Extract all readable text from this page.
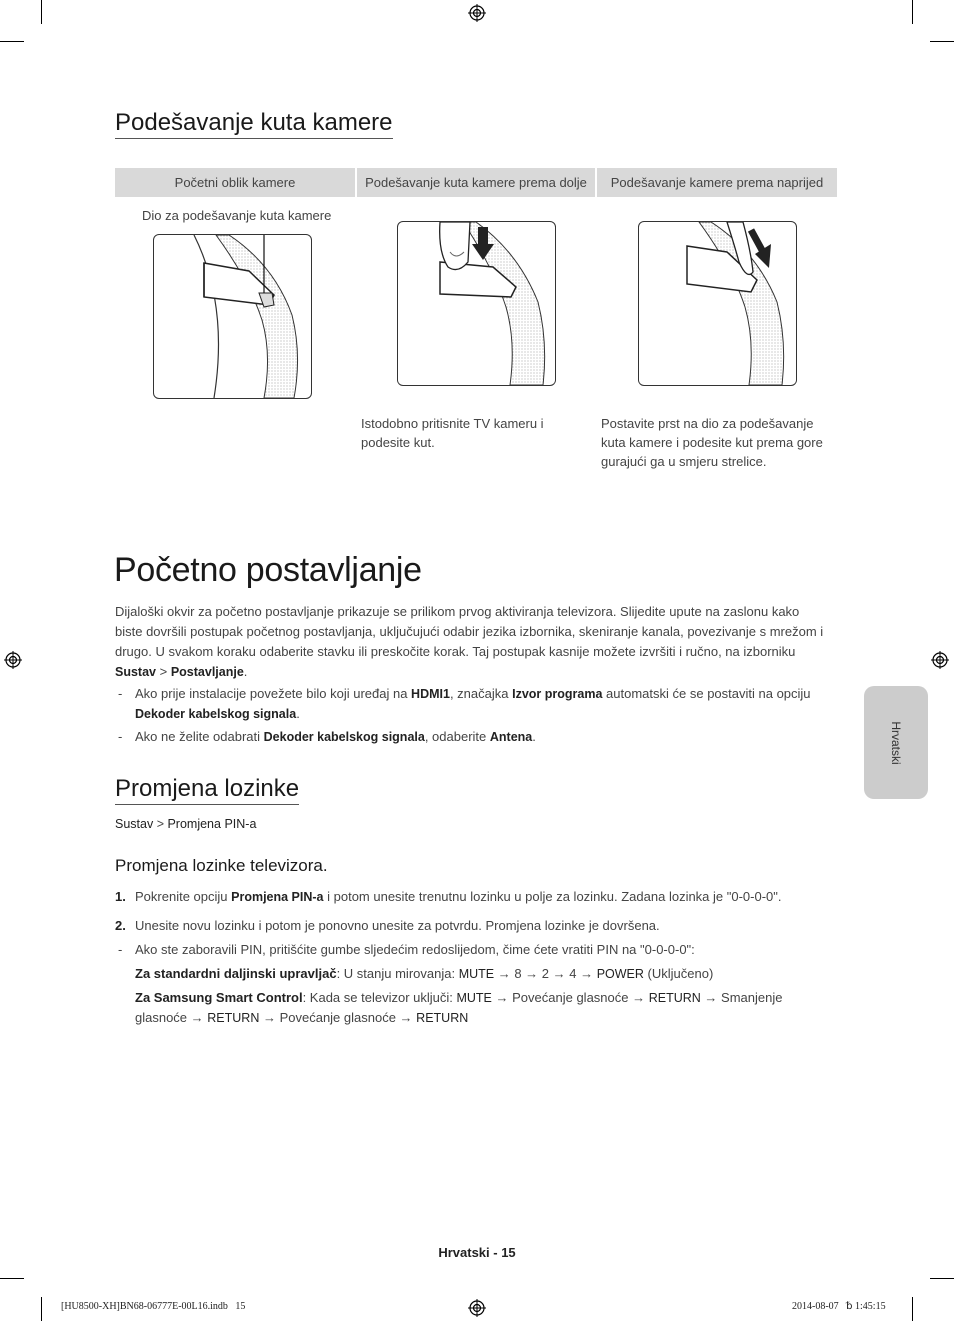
Podešavanje kuta kamere
Početni oblik kamere	Podešavanje kuta kamere prema dolje	Podešavanje kamere prema naprijed
Dio za podešavanje kuta kamere
Istodobno pritisnite TV kameru i podesite kut.
Postavite prst na dio za podešavanje kuta kamere i podesite kut prema gore gurajući ga u smjeru strelice.
Početno postavljanje
Dijaloški okvir za početno postavljanje prikazuje se prilikom prvog aktiviranja televizora. Slijedite upute na zaslonu kako biste dovršili postupak početnog postavljanja, uključujući odabir jezika izbornika, skeniranje kanala, povezivanje s mrežom i drugo. U svakom koraku odaberite stavku ili preskočite korak. Taj postupak kasnije možete izvršiti i ručno, na izborniku Sustav > Postavljanje.
- Ako prije instalacije povežete bilo koji uređaj na HDMI1, značajka Izvor programa automatski će se postaviti na opciju Dekoder kabelskog signala.
- Ako ne želite odabrati Dekoder kabelskog signala, odaberite Antena.
Promjena lozinke
Sustav > Promjena PIN-a
Promjena lozinke televizora.
1. Pokrenite opciju Promjena PIN-a i potom unesite trenutnu lozinku u polje za lozinku. Zadana lozinka je "0-0-0-0".
2. Unesite novu lozinku i potom je ponovno unesite za potvrdu. Promjena lozinke je dovršena.
- Ako ste zaboravili PIN, pritišćite gumbe sljedećim redoslijedom, čime ćete vratiti PIN na "0-0-0-0":
Za standardni daljinski upravljač: U stanju mirovanja: MUTE → 8 → 2 → 4 → POWER (Uključeno)
Za Samsung Smart Control: Kada se televizor uključi: MUTE → Povećanje glasnoće → RETURN → Smanjenje glasnoće → RETURN → Povećanje glasnoće → RETURN
Hrvatski
Hrvatski - 15
[HU8500-XH]BN68-06777E-00L16.indb   15	2014-08-07   ␢ 1:45:15
